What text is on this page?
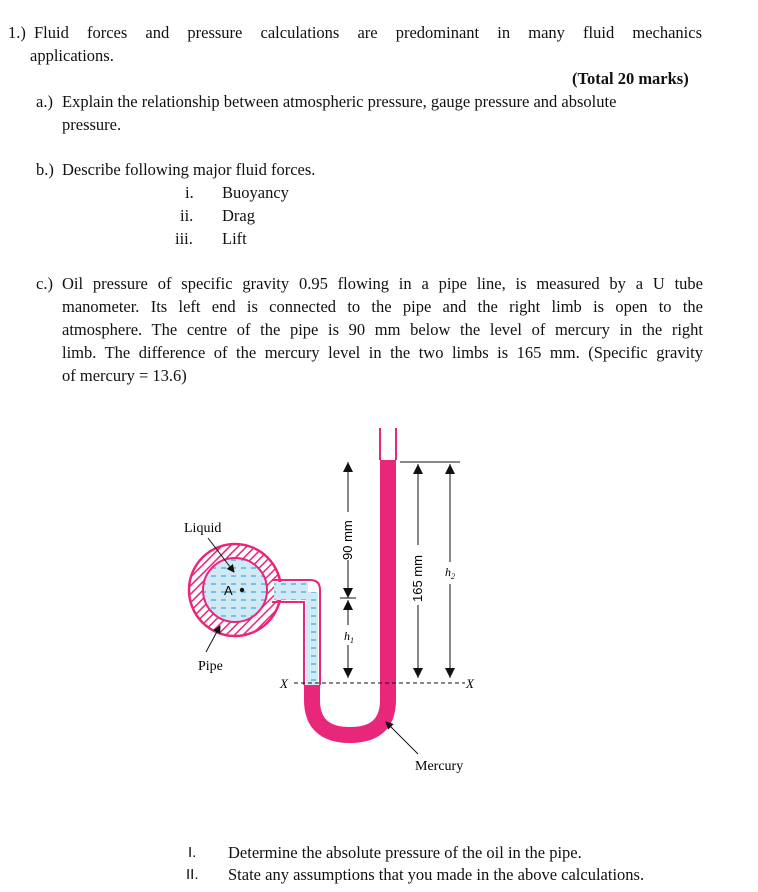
1.) Fluid forces and pressure calculations are predominant in many fluid mechanics
applications.
(Total 20 marks)
a.) Explain the relationship between atmospheric pressure, gauge pressure and absolute
pressure.
b.) Describe following major fluid forces.
i. Buoyancy
ii. Drag
iii. Lift
c.) Oil pressure of specific gravity 0.95 flowing in a pipe line, is measured by a U tube
manometer. Its left end is connected to the pipe and the right limb is open to the
atmosphere. The centre of the pipe is 90 mm below the level of mercury in the right
limb. The difference of the mercury level in the two limbs is 165 mm. (Specific gravity
of mercury = 13.6)
A
X	X
90 mm
$h_1$
165 mm $h_2$
Liquid
Pipe
Mercury
I. Determine the absolute pressure of the oil in the pipe.
II. State any assumptions that you made in the above calculations.
